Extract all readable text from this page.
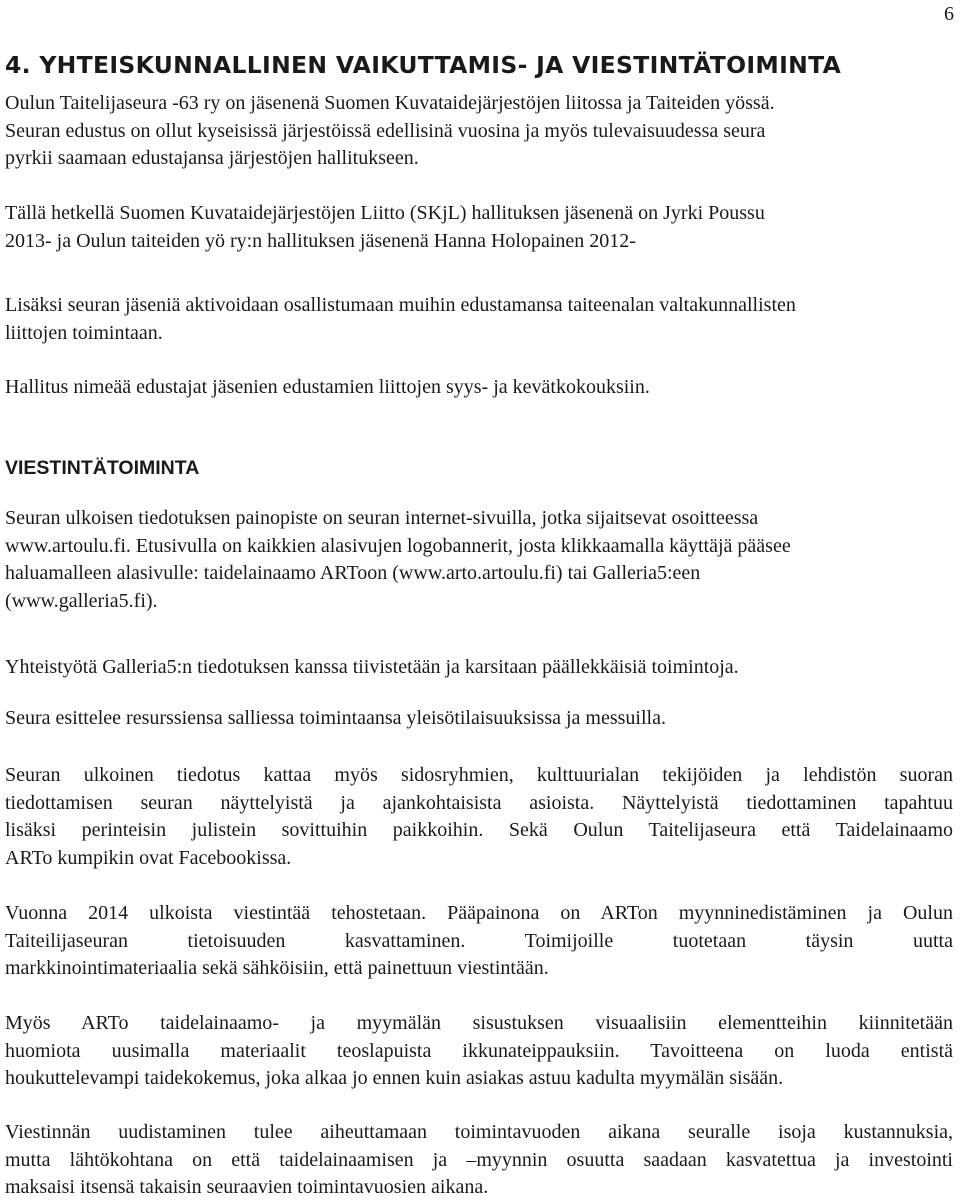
6
4. YHTEISKUNNALLINEN VAIKUTTAMIS- JA VIESTINTÄTOIMINTA
Oulun Taitelijaseura -63 ry on jäsenenä Suomen Kuvataidejärjestöjen liitossa ja Taiteiden yössä.
Seuran edustus on ollut kyseisissä järjestöissä edellisinä vuosina ja myös tulevaisuudessa seura
pyrkii saamaan edustajansa järjestöjen hallitukseen.
Tällä hetkellä Suomen Kuvataidejärjestöjen Liitto (SKjL) hallituksen jäsenenä on Jyrki Poussu
2013- ja Oulun taiteiden yö ry:n hallituksen jäsenenä Hanna Holopainen 2012-
Lisäksi seuran jäseniä aktivoidaan osallistumaan muihin edustamansa taiteenalan valtakunnallisten
liittojen toimintaan.
Hallitus nimeää edustajat jäsenien edustamien liittojen syys- ja kevätkokouksiin.
VIESTINTÄTOIMINTA
Seuran ulkoisen tiedotuksen painopiste on seuran internet-sivuilla, jotka sijaitsevat osoitteessa
www.artoulu.fi. Etusivulla on kaikkien alasivujen logobannerit, josta klikkaamalla käyttäjä pääsee
haluamalleen alasivulle: taidelainaamo ARToon (www.arto.artoulu.fi) tai Galleria5:een
(www.galleria5.fi).
Yhteistyötä Galleria5:n tiedotuksen kanssa tiivistetään ja karsitaan päällekkäisiä toimintoja.
Seura esittelee resurssiensa salliessa toimintaansa yleisötilaisuuksissa ja messuilla.
Seuran ulkoinen tiedotus kattaa myös sidosryhmien, kulttuurialan tekijöiden ja lehdistön suoran
tiedottamisen seuran näyttelyistä ja ajankohtaisista asioista. Näyttelyistä tiedottaminen tapahtuu
lisäksi perinteisin julistein sovittuihin paikkoihin. Sekä Oulun Taitelijaseura että Taidelainaamo
ARTo kumpikin ovat Facebookissa.
Vuonna 2014 ulkoista viestintää tehostetaan. Pääpainona on ARTon myynninedistäminen ja Oulun
Taiteilijaseuran tietoisuuden kasvattaminen. Toimijoille tuotetaan täysin uutta
markkinointimateriaalia sekä sähköisiin, että painettuun viestintään.
Myös ARTo taidelainaamo- ja myymälän sisustuksen visuaalisiin elementteihin kiinnitetään
huomiota uusimalla materiaalit teoslapuista ikkunateippauksiin. Tavoitteena on luoda entistä
houkuttelevampi taidekokemus, joka alkaa jo ennen kuin asiakas astuu kadulta myymälän sisään.
Viestinnän uudistaminen tulee aiheuttamaan toimintavuoden aikana seuralle isoja kustannuksia,
mutta lähtökohtana on että taidelainaamisen ja –myynnin osuutta saadaan kasvatettua ja investointi
maksaisi itsensä takaisin seuraavien toimintavuosien aikana.
